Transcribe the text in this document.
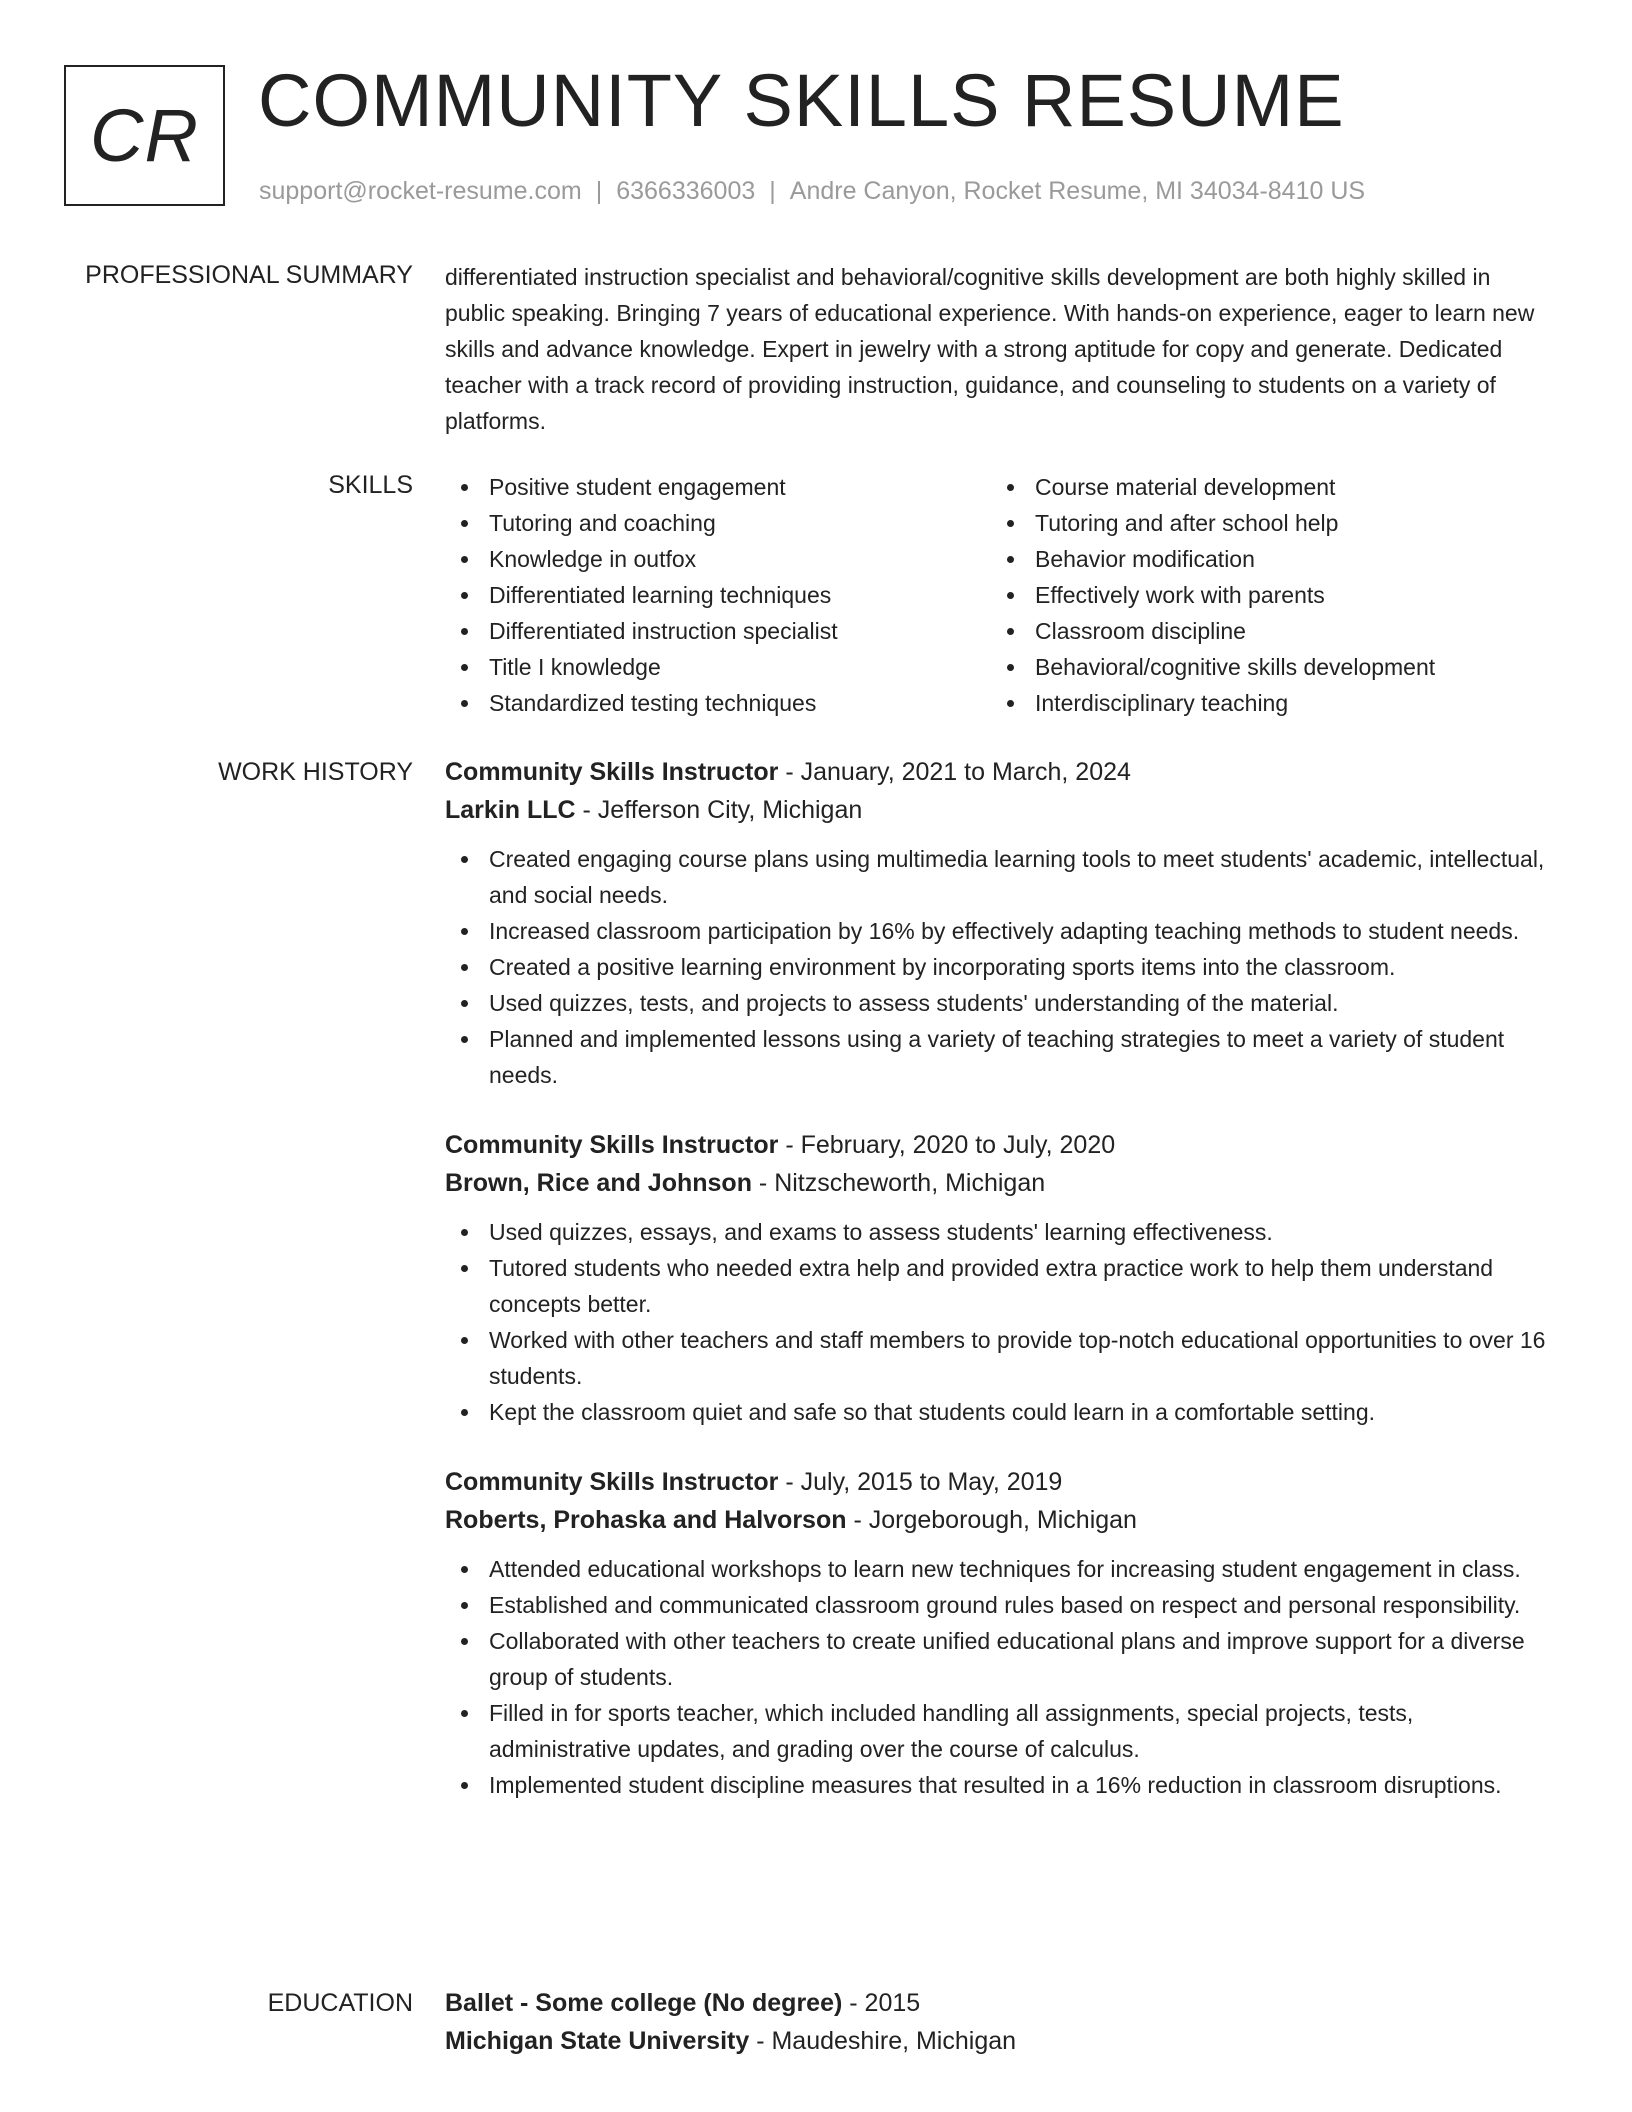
CR COMMUNITY SKILLS RESUME
support@rocket-resume.com | 6366336003 | Andre Canyon, Rocket Resume, MI 34034-8410 US
PROFESSIONAL SUMMARY differentiated instruction specialist and behavioral/cognitive skills development are both highly skilled in public speaking. Bringing 7 years of educational experience. With hands-on experience, eager to learn new skills and advance knowledge. Expert in jewelry with a strong aptitude for copy and generate. Dedicated teacher with a track record of providing instruction, guidance, and counseling to students on a variety of platforms.

SKILLS	Positive student engagement
Tutoring and coaching
Knowledge in outfox
Differentiated learning techniques
Differentiated instruction specialist
Title I knowledge
Standardized testing techniques
Course material development
Tutoring and after school help
Behavior modification
Effectively work with parents
Classroom discipline
Behavioral/cognitive skills development
Interdisciplinary teaching
WORK HISTORY Community Skills Instructor - January, 2021 to March, 2024
Larkin LLC - Jefferson City, Michigan
Created engaging course plans using multimedia learning tools to meet students' academic, intellectual, and social needs.
Increased classroom participation by 16% by effectively adapting teaching methods to student needs.
Created a positive learning environment by incorporating sports items into the classroom.
Used quizzes, tests, and projects to assess students' understanding of the material.
Planned and implemented lessons using a variety of teaching strategies to meet a variety of student needs.
Community Skills Instructor - February, 2020 to July, 2020
Brown, Rice and Johnson - Nitzscheworth, Michigan
Used quizzes, essays, and exams to assess students' learning effectiveness.
Tutored students who needed extra help and provided extra practice work to help them understand concepts better.
Worked with other teachers and staff members to provide top-notch educational opportunities to over 16 students.
Kept the classroom quiet and safe so that students could learn in a comfortable setting.
Community Skills Instructor - July, 2015 to May, 2019
Roberts, Prohaska and Halvorson - Jorgeborough, Michigan
Attended educational workshops to learn new techniques for increasing student engagement in class.
Established and communicated classroom ground rules based on respect and personal responsibility.
Collaborated with other teachers to create unified educational plans and improve support for a diverse group of students.
Filled in for sports teacher, which included handling all assignments, special projects, tests, administrative updates, and grading over the course of calculus.
Implemented student discipline measures that resulted in a 16% reduction in classroom disruptions.
EDUCATION Ballet - Some college (No degree) - 2015
Michigan State University - Maudeshire, Michigan
